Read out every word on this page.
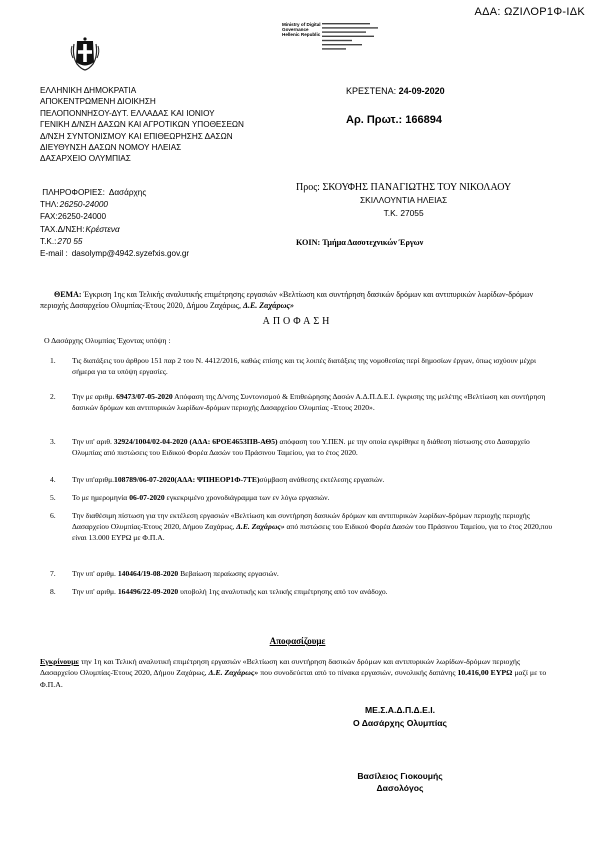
ΑΔΑ: ΩΖΙΛΟΡ1Φ-ΙΔΚ
Ministry of Digital
Governance
Hellenic Republic
ΕΛΛΗΝΙΚΗ ΔΗΜΟΚΡΑΤΙΑ
ΑΠΟΚΕΝΤΡΩΜΕΝΗ ΔΙΟΙΚΗΣΗ
ΠΕΛΟΠΟΝΝΗΣΟΥ-ΔΥΤ. ΕΛΛΑΔΑΣ ΚΑΙ ΙΟΝΙΟΥ
ΓΕΝΙΚΗ Δ/ΝΣΗ ΔΑΣΩΝ ΚΑΙ ΑΓΡΟΤΙΚΩΝ ΥΠΟΘΕΣΕΩΝ
Δ/ΝΣΗ ΣΥΝΤΟΝΙΣΜΟΥ ΚΑΙ ΕΠΙΘΕΩΡΗΣΗΣ ΔΑΣΩΝ
ΔΙΕΥΘΥΝΣΗ ΔΑΣΩΝ ΝΟΜΟΥ ΗΛΕΙΑΣ
ΔΑΣΑΡΧΕΙΟ ΟΛΥΜΠΙΑΣ
ΚΡΕΣΤΕΝΑ: 24-09-2020
Αρ. Πρωτ.: 166894
ΠΛΗΡΟΦΟΡΙΕΣ: Δασάρχης
ΤΗΛ:26250-24000
FAX:26250-24000
ΤΑΧ.Δ/ΝΣΗ:Κρέστενα
Τ.Κ.:270 55
E-mail : dasolymp@4942.syzefxis.gov.gr
Προς: ΣΚΟΥΦΗΣ ΠΑΝΑΓΙΩΤΗΣ ΤΟΥ ΝΙΚΟΛΑΟΥ
ΣΚΙΛΛΟΥΝΤΙΑ ΗΛΕΙΑΣ
Τ.Κ. 27055
ΚΟΙΝ: Τμήμα Δασοτεχνικών Έργων
ΘΕΜΑ: Έγκριση 1ης και Τελικής αναλυτικής επιμέτρησης εργασιών «Βελτίωση και συντήρηση δασικών δρόμων και αντιπυρικών λωρίδων-δρόμων περιοχής Δασαρχείου Ολυμπίας-Έτους 2020, Δήμου Ζαχάρως, Δ.Ε. Ζαχάρως»
ΑΠΟΦΑΣΗ
Ο Δασάρχης Ολυμπίας Έχοντας υπόψη :
1.	Τις διατάξεις του άρθρου 151 παρ 2 του Ν. 4412/2016, καθώς επίσης και τις λοιπές διατάξεις της νομοθεσίας περί δημοσίων έργων, όπως ισχύουν μέχρι σήμερα για τα υπόψη εργασίες.
2.	Την με αριθμ. 69473/07-05-2020 Απόφαση της Δ/νσης Συντονισμού & Επιθεώρησης Δασών Α.Δ.Π.Δ.Ε.Ι. έγκρισης της μελέτης «Βελτίωση και συντήρηση δασικών δρόμων και αντιπυρικών λωρίδων-δρόμων περιοχής Δασαρχείου Ολυμπίας -Έτους 2020».
3.	Την υπ' αριθ. 32924/1004/02-04-2020 (ΑΔΑ: 6ΡΟΕ4653ΠΒ-ΑΘ5) απόφαση του Υ.ΠΕΝ. με την οποία εγκρίθηκε η διάθεση πίστωσης στο Δασαρχείο Ολυμπίας από πιστώσεις του Ειδικού Φορέα Δασών του Πράσινου Ταμείου, για το έτος 2020.
4.	Την υπ'αριθμ.108789/06-07-2020(ΑΔΑ: ΨΠΗΕΟΡ1Φ-7ΤΕ)σύμβαση ανάθεσης εκτέλεσης εργασιών.
5.	Το με ημερομηνία 06-07-2020 εγκεκριμένο χρονοδιάγραμμα των εν λόγω εργασιών.
6.	Την διαθέσιμη πίστωση για την εκτέλεση εργασιών «Βελτίωση και συντήρηση δασικών δρόμων και αντιπυρικών λωρίδων-δρόμων περιοχής περιοχής Δασαρχείου Ολυμπίας-Έτους 2020, Δήμου Ζαχάρως, Δ.Ε. Ζαχάρως» από πιστώσεις του Ειδικού Φορέα Δασών του Πράσινου Ταμείου, για το έτος 2020,που είναι 13.000 ΕΥΡΩ με Φ.Π.Α.
7.	Την υπ' αριθμ. 140464/19-08-2020 Βεβαίωση περαίωσης εργασιών.
8.	Την υπ' αριθμ. 164496/22-09-2020 υποβολή 1ης αναλυτικής και τελικής επιμέτρησης από τον ανάδοχο.
Αποφασίζουμε
Εγκρίνουμε την 1η και Τελική αναλυτική επιμέτρηση εργασιών «Βελτίωση και συντήρηση δασικών δρόμων και αντιπυρικών λωρίδων-δρόμων περιοχής Δασαρχείου Ολυμπίας-Έτους 2020, Δήμου Ζαχάρως, Δ.Ε. Ζαχάρως» που συνοδεύεται από το πίνακα εργασιών, συνολικής δαπάνης 10.416,00 ΕΥΡΩ μαζί με το Φ.Π.Α.
ΜΕ.Σ.Α.Δ.Π.Δ.Ε.Ι.
Ο Δασάρχης Ολυμπίας
Βασίλειος Γιοκουμής
Δασολόγος
